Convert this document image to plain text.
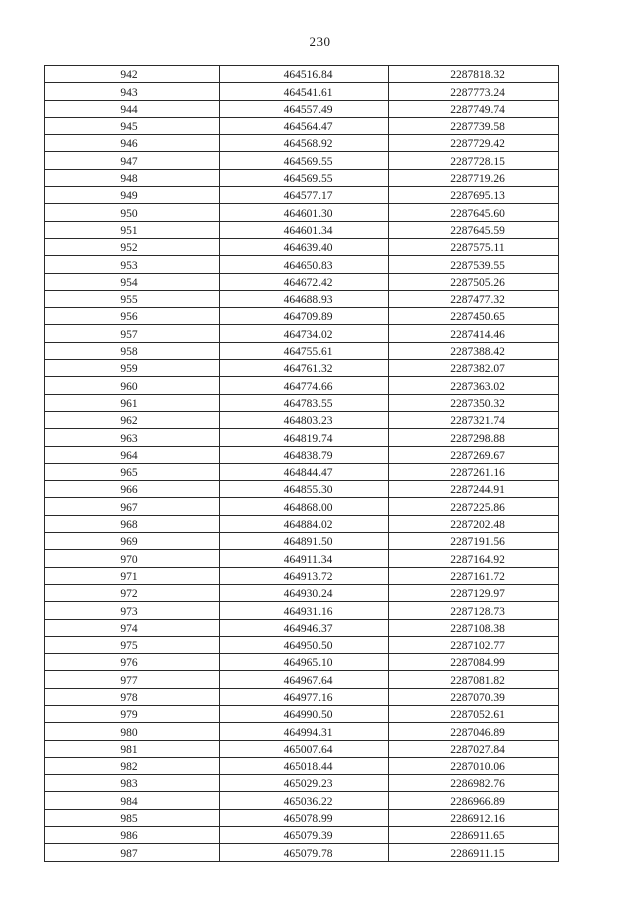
230
942	464516.84	2287818.32
943	464541.61	2287773.24
944	464557.49	2287749.74
945	464564.47	2287739.58
946	464568.92	2287729.42
947	464569.55	2287728.15
948	464569.55	2287719.26
949	464577.17	2287695.13
950	464601.30	2287645.60
951	464601.34	2287645.59
952	464639.40	2287575.11
953	464650.83	2287539.55
954	464672.42	2287505.26
955	464688.93	2287477.32
956	464709.89	2287450.65
957	464734.02	2287414.46
958	464755.61	2287388.42
959	464761.32	2287382.07
960	464774.66	2287363.02
961	464783.55	2287350.32
962	464803.23	2287321.74
963	464819.74	2287298.88
964	464838.79	2287269.67
965	464844.47	2287261.16
966	464855.30	2287244.91
967	464868.00	2287225.86
968	464884.02	2287202.48
969	464891.50	2287191.56
970	464911.34	2287164.92
971	464913.72	2287161.72
972	464930.24	2287129.97
973	464931.16	2287128.73
974	464946.37	2287108.38
975	464950.50	2287102.77
976	464965.10	2287084.99
977	464967.64	2287081.82
978	464977.16	2287070.39
979	464990.50	2287052.61
980	464994.31	2287046.89
981	465007.64	2287027.84
982	465018.44	2287010.06
983	465029.23	2286982.76
984	465036.22	2286966.89
985	465078.99	2286912.16
986	465079.39	2286911.65
987	465079.78	2286911.15
